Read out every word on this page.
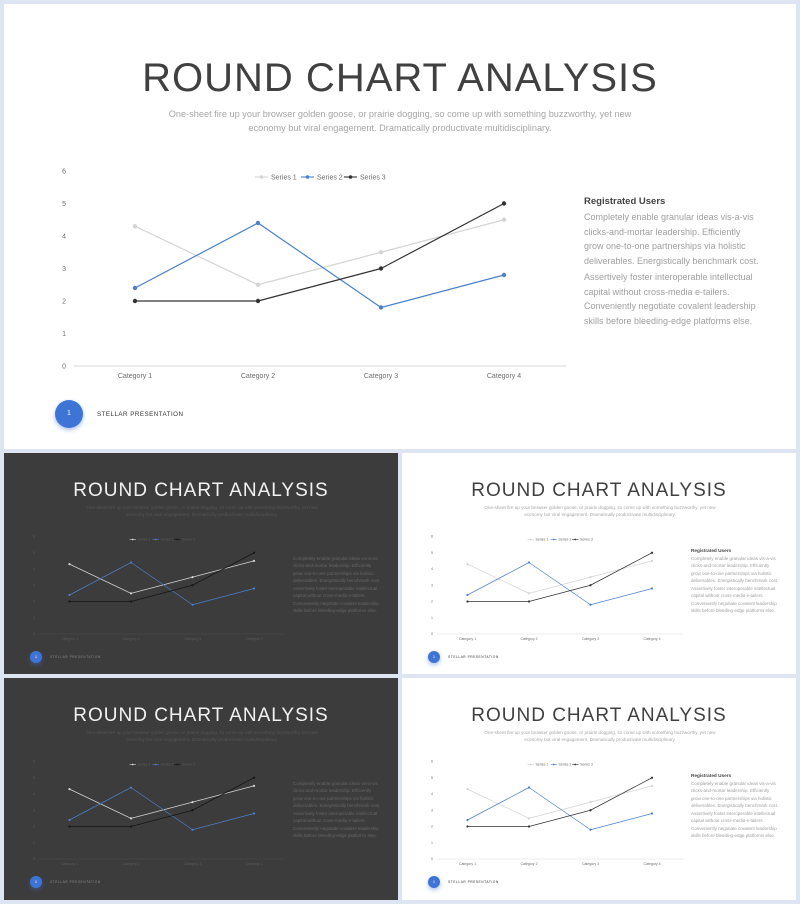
ROUND CHART ANALYSIS
One-sheet fire up your browser golden goose, or prairie dogging, so come up with something buzzworthy, yet new
economy but viral engagement. Dramatically productivate multidisciplinary.
0
1
2
3
4
5
6
Category 1	Category 2	Category 3	Category 4
Series 1	Series 2 Series 3
Registrated Users

Completely enable granular ideas vis-a-vis clicks-and-mortar leadership. Efficiently grow one-to-one partnerships via holistic deliverables. Energistically benchmark cost.

Assertively foster interoperable intellectual capital without cross-media e-tailers. Conveniently negotiate covalent leadership skills before bleeding-edge platforms else.

1	STELLAR PRESENTATION
ROUND CHART ANALYSIS
One-sheet fire up your browser golden goose, or prairie dogging, so come up with something buzzworthy, yet new
economy but viral engagement. Dramatically productivate multidisciplinary.
0
1
2
3
4
5
6
Category 1	Category 2	Category 3	Category 4
Series 1	Series 2 Series 3

Completely enable granular ideas vis-a-vis clicks-and-mortar leadership. Efficiently grow one-to-one partnerships via holistic deliverables. Energistically benchmark cost.

Assertively foster interoperable intellectual capital without cross-media e-tailers. Conveniently negotiate covalent leadership skills before bleeding-edge platforms else.

1	STELLAR PRESENTATION
ROUND CHART ANALYSIS
One-sheet fire up your browser golden goose, or prairie dogging, so come up with something buzzworthy, yet new
economy but viral engagement. Dramatically productivate multidisciplinary.
0
1
2
3
4
5
6
Category 1	Category 2	Category 3	Category 4
Series 1	Series 2 Series 3
Registrated Users

Completely enable granular ideas vis-a-vis clicks-and-mortar leadership. Efficiently grow one-to-one partnerships via holistic deliverables. Energistically benchmark cost.

Assertively foster interoperable intellectual capital without cross-media e-tailers. Conveniently negotiate covalent leadership skills before bleeding-edge platforms else.

1	STELLAR PRESENTATION
ROUND CHART ANALYSIS
One-sheet fire up your browser golden goose, or prairie dogging, so come up with something buzzworthy, yet new
economy but viral engagement. Dramatically productivate multidisciplinary.
0
1
2
3
4
5
6
Category 1	Category 2	Category 3	Category 4
Series 1	Series 2 Series 3

Completely enable granular ideas vis-a-vis clicks-and-mortar leadership. Efficiently grow one-to-one partnerships via holistic deliverables. Energistically benchmark cost.

Assertively foster interoperable intellectual capital without cross-media e-tailers. Conveniently negotiate covalent leadership skills before bleeding-edge platforms else.

1	STELLAR PRESENTATION
ROUND CHART ANALYSIS
One-sheet fire up your browser golden goose, or prairie dogging, so come up with something buzzworthy, yet new
economy but viral engagement. Dramatically productivate multidisciplinary.
0
1
2
3
4
5
6
Category 1	Category 2	Category 3	Category 4
Series 1	Series 2 Series 3
Registrated Users

Completely enable granular ideas vis-a-vis clicks-and-mortar leadership. Efficiently grow one-to-one partnerships via holistic deliverables. Energistically benchmark cost.

Assertively foster interoperable intellectual capital without cross-media e-tailers. Conveniently negotiate covalent leadership skills before bleeding-edge platforms else.

1	STELLAR PRESENTATION
